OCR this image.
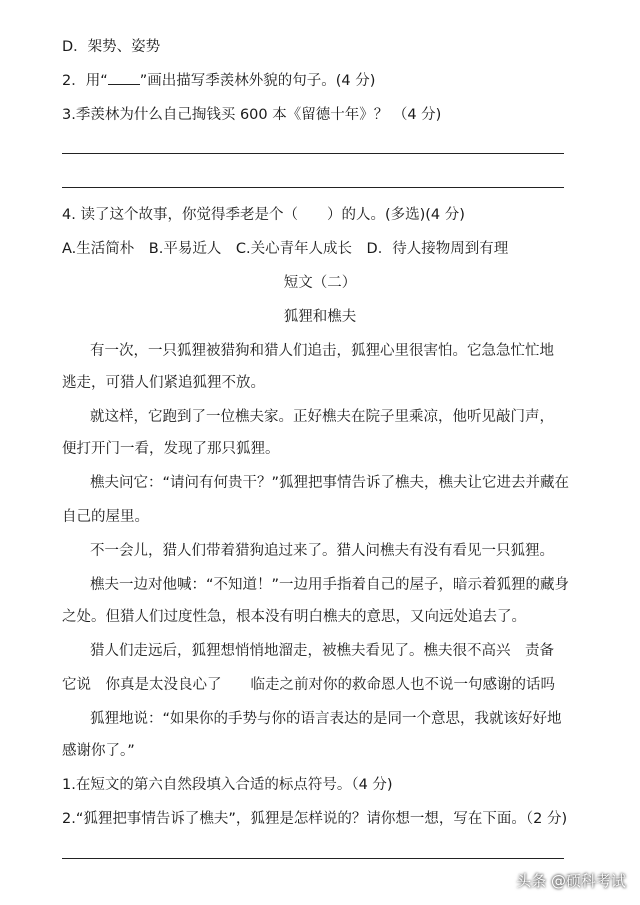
D．架势、姿势
2．用“ ”画出描写季羡林外貌的句子。(4 分)
3.季羡林为什么自己掏钱买 600 本《留德十年》？ （4 分)
4. 读了这个故事，你觉得季老是个（　　）的人。(多选)(4 分)
A.生活简朴　B.平易近人　C.关心青年人成长　D．待人接物周到有理
短文（二）
狐狸和樵夫
有一次，一只狐狸被猎狗和猎人们追击，狐狸心里很害怕。它急急忙忙地
逃走，可猎人们紧追狐狸不放。
就这样，它跑到了一位樵夫家。正好樵夫在院子里乘凉，他听见敲门声，
便打开门一看，发现了那只狐狸。
樵夫问它：“请问有何贵干？”狐狸把事情告诉了樵夫，樵夫让它进去并藏在
自己的屋里。
不一会儿，猎人们带着猎狗追过来了。猎人问樵夫有没有看见一只狐狸。
樵夫一边对他喊：“不知道！”一边用手指着自己的屋子，暗示着狐狸的藏身
之处。但猎人们过度性急，根本没有明白樵夫的意思，又向远处追去了。
猎人们走远后，狐狸想悄悄地溜走，被樵夫看见了。樵夫很不高兴　责备
它说　你真是太没良心了　　临走之前对你的救命恩人也不说一句感谢的话吗
狐狸地说：“如果你的手势与你的语言表达的是同一个意思，我就该好好地
感谢你了。”
1.在短文的第六自然段填入合适的标点符号。（4 分)
2.“狐狸把事情告诉了樵夫”，狐狸是怎样说的？请你想一想，写在下面。（2 分)
头条 @硕科考试
